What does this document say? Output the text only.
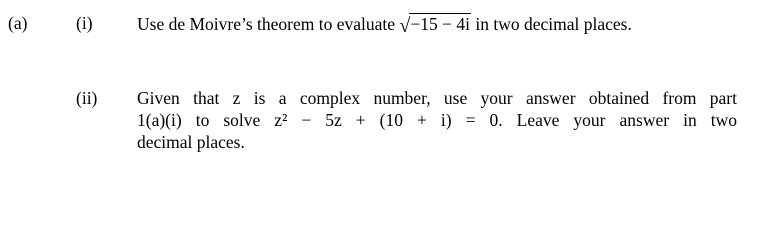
(a)	(i)	Use de Moivre’s theorem to evaluate √−15 − 4i in two decimal places.
(ii) Given that z is a complex number, use your answer obtained from part
1(a)(i) to solve z² − 5z + (10 + i) = 0. Leave your answer in two
decimal places.
